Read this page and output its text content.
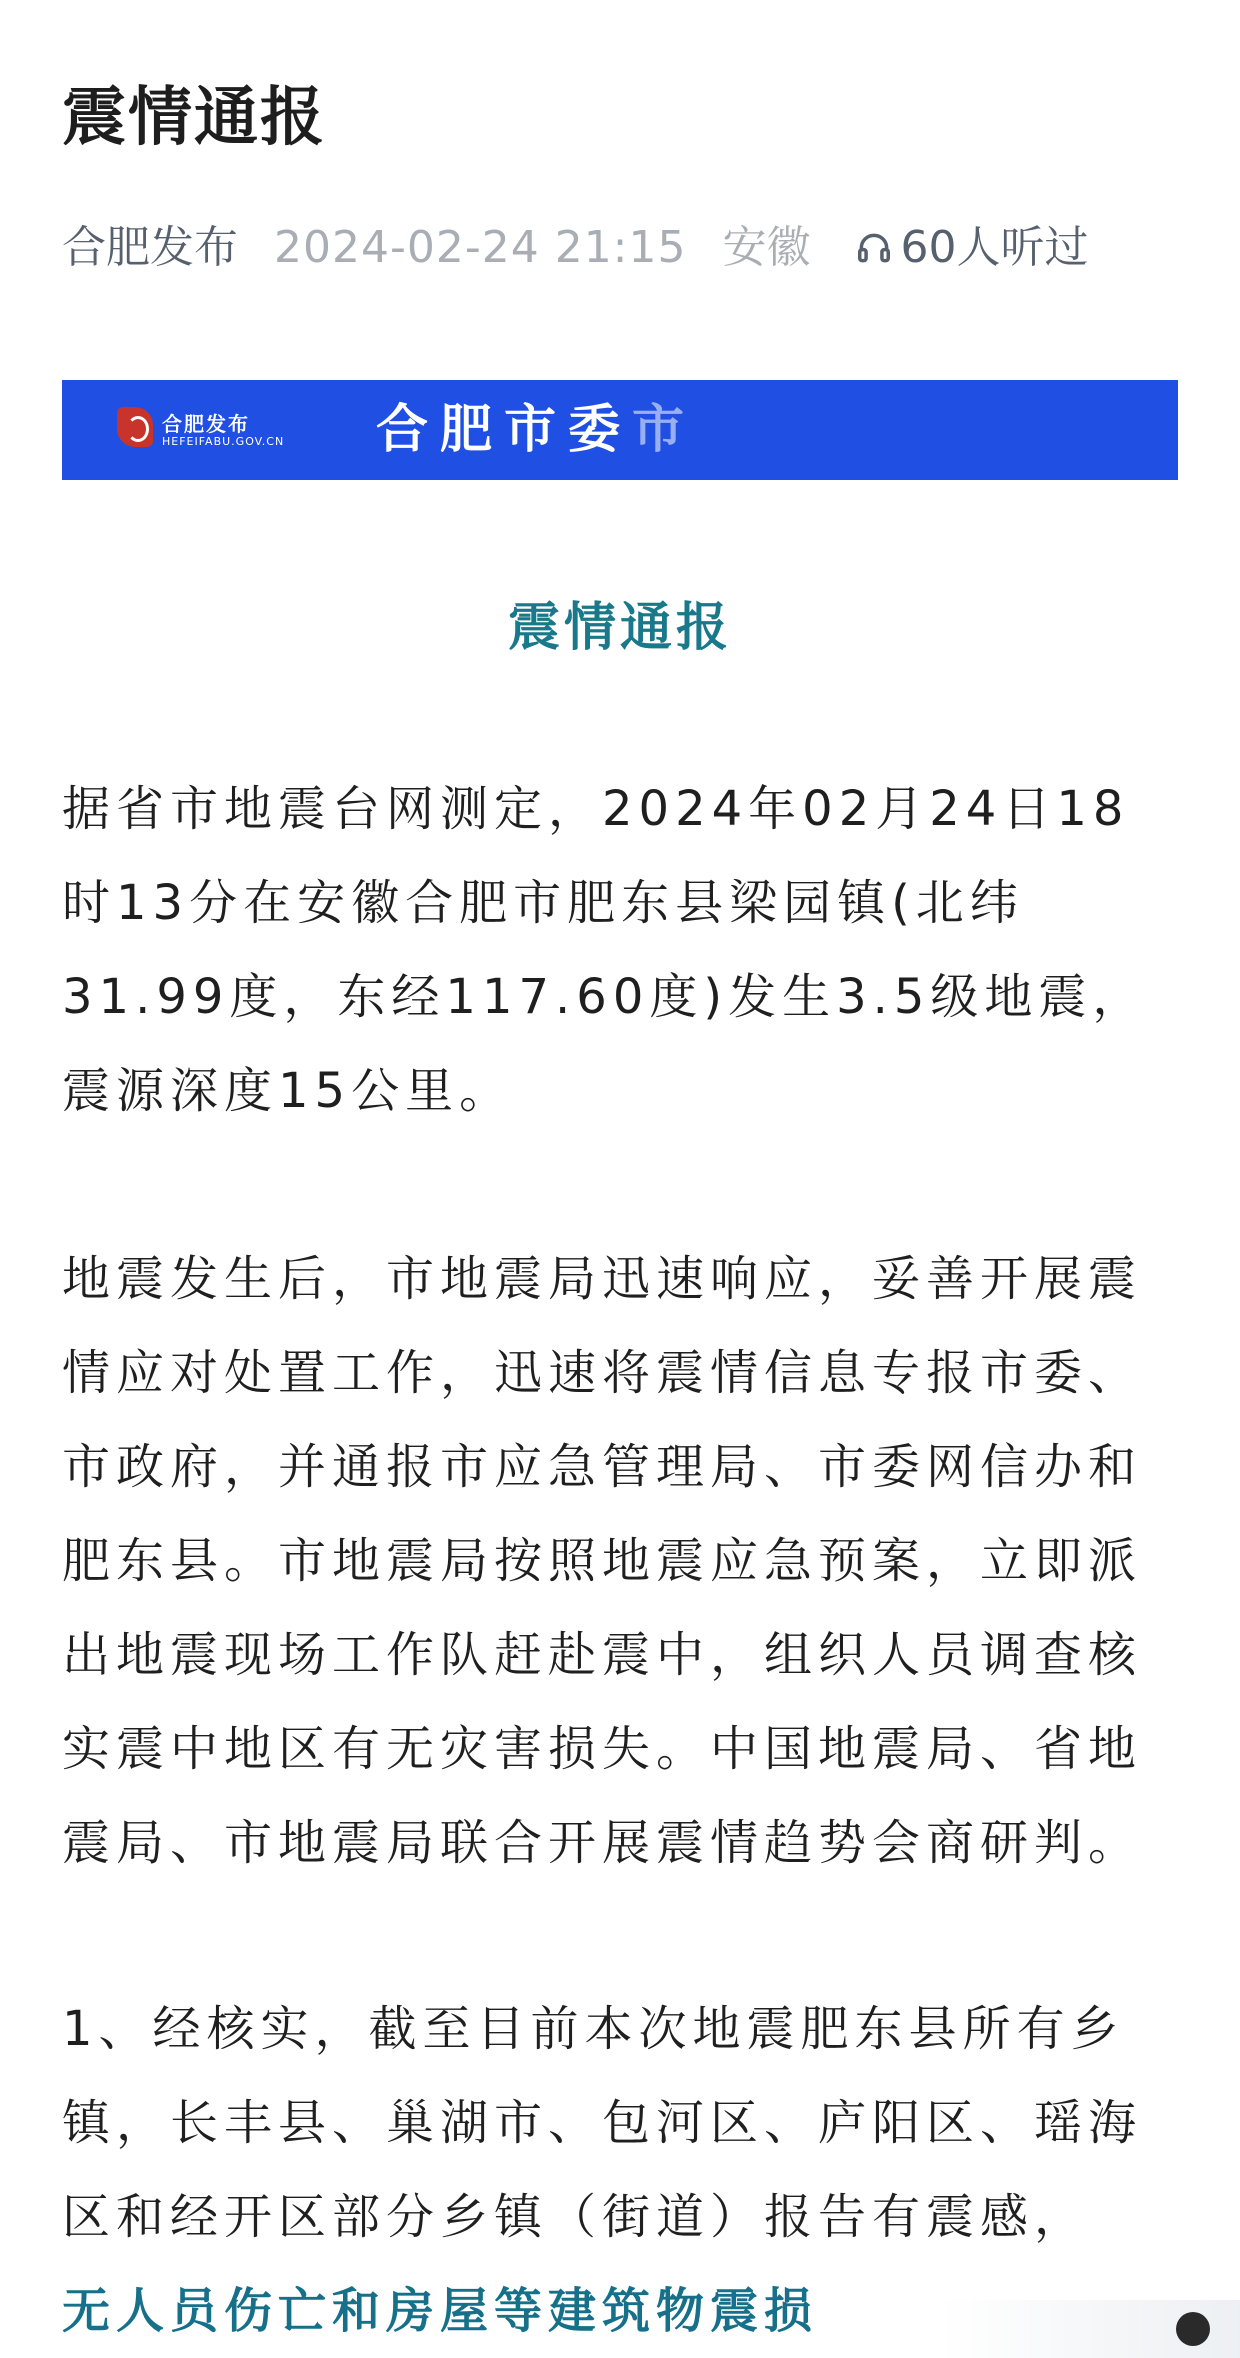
震情通报
合肥发布 2024-02-24 21:15 安徽 60人听过
合肥发布
HEFEIFABU.GOV.CN 合肥市委市
震情通报
据省市地震台网测定，2024年02月24日18时13分在安徽合肥市肥东县梁园镇(北纬31.99度，东经117.60度)发生3.5级地震，震源深度15公里。
地震发生后，市地震局迅速响应，妥善开展震情应对处置工作，迅速将震情信息专报市委、市政府，并通报市应急管理局、市委网信办和肥东县。市地震局按照地震应急预案，立即派出地震现场工作队赶赴震中，组织人员调查核实震中地区有无灾害损失。中国地震局、省地震局、市地震局联合开展震情趋势会商研判。
1、经核实，截至目前本次地震肥东县所有乡镇，长丰县、巢湖市、包河区、庐阳区、瑶海区和经开区部分乡镇（街道）报告有震感，
无人员伤亡和房屋等建筑物震损
